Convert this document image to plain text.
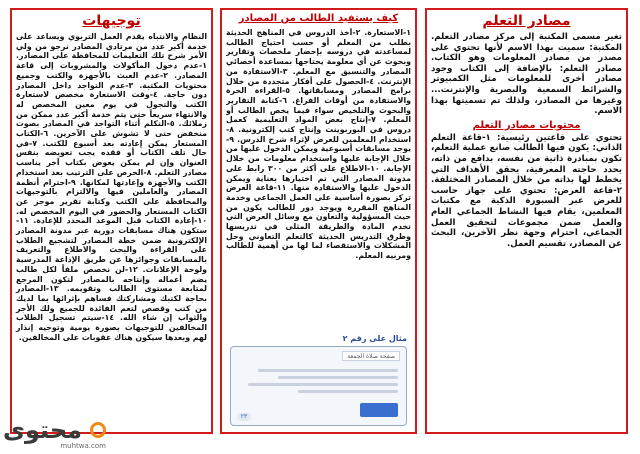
توجيهات
النظام والانتباه يقدم العمل التربوي ويساعد على خدمة أكبر عدد من مرتادي المصادر نرجو من ولي الأمر شرح تلك التعليمات للمحافظة على المصادر. ١-عدم دخول المأكولات والمشروبات إلى قاعة المصادر. ٢-عدم العبث بالأجهزة والكتب وجميع محتويات المكتبة. ٣-عدم التواجد داخل المصادر دون حاجة. ٤-وقت الاستعارة مخصص لاستعارة الكتب والتجول في يوم معين المخصص له والانتهاء سريعاً حتى يتم خدمة أكبر عدد ممكن من زملائك. ٥-التكلم أثناء التواجد في المصادر بصوت منخفض حتى لا تشوش على الآخرين. ٦-الكتاب المستعار يمكن إعادته بعد أسبوع للكتب. ٧-في حال تلف الكتاب أو فقده يجب تعويضه بنفس العنوان وإن لم يمكن يعوض بكتاب آخر يناسب مصادر التعلم. ٨-الحرص على الترتيب بعد استخدام الكتب والأجهزة وإعادتها لمكانها. ٩-احترام أنظمة المصادر والعاملين فيها والالتزام بالتوجيهات والمحافظة على الكتب وكتابة تقرير موجز عن الكتاب المستعار والحضور في اليوم المخصص له. ١٠-إعادة الكتاب قبل الموعد المحدد للإعادة. ١١-ستكون هناك مسابقات دورية عبر مدونة المصادر الإلكترونية ضمن خطة المصادر لتشجيع الطلاب على القراءة والبحث والاطلاع والتعريف بالمسابقات وجوائزها عن طريق الإذاعة المدرسية ولوحة الإعلانات. ١٢-لن نخصص ملفاً لكل طالب يضم أعماله وإنتاجه بالمصادر لتكون المرجع لمتابعة مستوى الطالب وتقويمه. ١٣-المصادر بحاجة لكتبك ومشاركتك فساهم بإثرائها بما لديك من كتب وقصص لتعم الفائدة للجميع ولك الأجر والثواب إن شاء الله. ١٤-سيتم تسجيل الطلاب المخالفين للتوجيهات بصورة يومية وتوجيه إنذار لهم وبعدها سيكون هناك عقوبات على المخالفين.
كيف يستفيد الطالب من المصادر
١-الاستعارة. ٢-أخذ الدروس في المناهج الحديثة بطلب من المعلم أو حسب احتياج الطالب لمساعدته في دروسه بإحضار ملخصات وتقارير وبحوث عن أي معلومة يحتاجها بمساعدة أخصائي المصادر والتنسيق مع المعلم. ٣-الاستفادة من الإنترنت. ٤-الحصول على أفكار متجددة من خلال برامج المصادر ومسابقاتها. ٥-القراءة الحرة والاستفادة من أوقات الفراغ. ٦-كتابة التقارير والبحوث والتلخيص سواء فيما يخص الطالب أو المعلم. ٧-إنتاج بعض المواد التعليمية كعمل دروس في البوربوينت وإنتاج كتب إلكترونية. ٨-استخدام المعلمين للعرض لإثراء شرح الدرس. ٩-يوجد مسابقات أسبوعية ويمكن الدخول عليها من خلال الإجابة عليها واستخدام معلومات من خلال الإجابة. ١٠-الاطلاع على أكثر من ٣٠٠ رابط على مدونة المصادر التي تم اختيارها بعناية ويمكن الدخول عليها والاستفادة منها. ١١-قاعة العرض تركز بصورة أساسية على العمل الجماعي وخدمة المناهج المقررة ويوجد دور للطالب يكون من حيث المسؤولية والتعاون مع وسائل العرض التي تخدم المادة والطريقة المثلى في تدريسها وطرق التدريس الحديثة كالتعلم التعاوني وحل المشكلات والاستقصاء لما لها من أهمية للطالب ومربيه المعلم.
مثال على رقم ٢
صفحة صلاة الجمعة
٢٣
مصادر التعلم
تغير مسمى المكتبة إلى مركز مصادر التعلم. المكتبة: سميت بهذا الاسم لأنها تحتوي على مصدر من مصادر المعلومات وهو الكتاب. مصادر التعلم: بالإضافة إلى الكتاب وجود مصادر أخرى للمعلومات مثل الكمبيوتر والشرائط السمعية والبصرية والإنترنت... وغيرها من المصادر، ولذلك تم تسميتها بهذا الاسم.
محتويات مصادر التعلم
تحتوي على قاعتين رئيسية: ١-قاعة التعلم الذاتي: يكون فيها الطالب صانع عملية التعلم، تكون بمبادرة ذاتية من نفسه، بدافع من ذاته، يحدد حاجته المعرفية، يحقق الأهداف التي يخطط لها بذاته من خلال المصادر المختلفة. ٢-قاعة العرض: تحتوي على جهاز حاسب للعرض عبر السبورة الذكية مع مكتبات المعلمين، يقام فيها النشاط الجماعي العام والعمل ضمن مجموعات لتحقيق العمل الجماعي، احترام وجهة نظر الآخرين، البحث عن المصادر، تقسيم العمل.
محتوى
muhtwa.com
